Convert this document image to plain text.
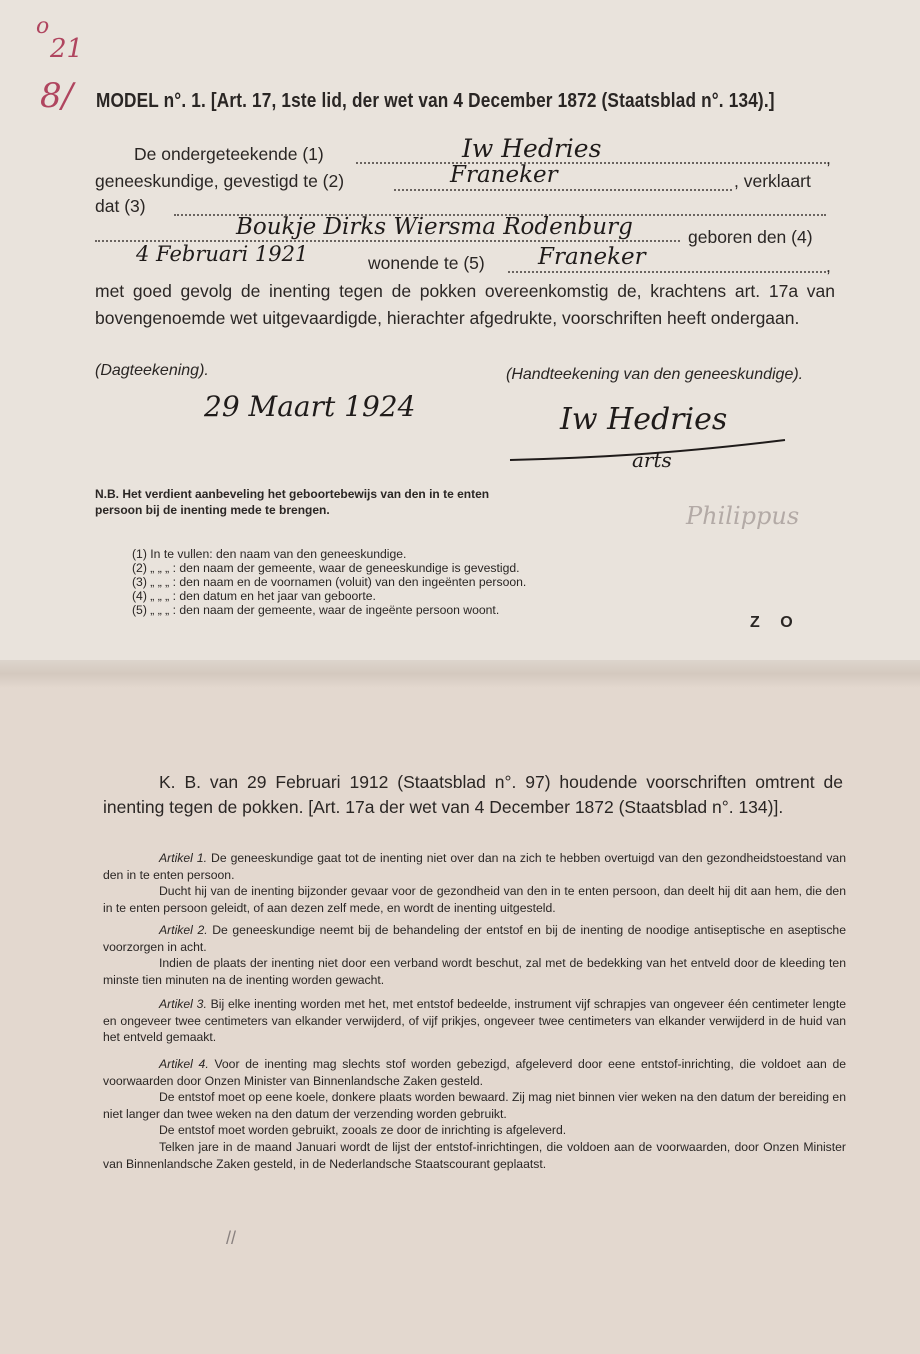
o
21
8/ MODEL n°. 1. [Art. 17, 1ste lid, der wet van 4 December 1872 (Staatsblad n°. 134).]
De ondergeteekende (1)	,
Iw Hedries
geneeskundige, gevestigd te (2)	, verklaart
Franeker
dat (3)
Boukje Dirks Wiersma Rodenburg	geboren den (4)
4 Februari 1921	wonende te (5)	,
Franeker
met goed gevolg de inenting tegen de pokken overeenkomstig de, krachtens art. 17a van bovengenoemde wet uitgevaardigde, hierachter afgedrukte, voorschriften heeft ondergaan.
(Dagteekening).	(Handteekening van den geneeskundige).
29 Maart 1924	Iw Hedries
arts
Philippus
N.B. Het verdient aanbeveling het geboortebewijs van den in te enten persoon bij de inenting mede te brengen.
(1) In te vullen: den naam van den geneeskundige.
(2) „ „ „ : den naam der gemeente, waar de geneeskundige is gevestigd.
(3) „ „ „ : den naam en de voornamen (voluit) van den ingeënten persoon.
(4) „ „ „ : den datum en het jaar van geboorte.
(5) „ „ „ : den naam der gemeente, waar de ingeënte persoon woont.
Z O
K. B. van 29 Februari 1912 (Staatsblad n°. 97) houdende voorschriften omtrent de inenting tegen de pokken. [Art. 17a der wet van 4 December 1872 (Staatsblad n°. 134)].

Artikel 1. De geneeskundige gaat tot de inenting niet over dan na zich te hebben overtuigd van den gezondheidstoestand van den in te enten persoon.

Ducht hij van de inenting bijzonder gevaar voor de gezondheid van den in te enten persoon, dan deelt hij dit aan hem, die den in te enten persoon geleidt, of aan dezen zelf mede, en wordt de inenting uitgesteld.

Artikel 2. De geneeskundige neemt bij de behandeling der entstof en bij de inenting de noodige antiseptische en aseptische voorzorgen in acht.

Indien de plaats der inenting niet door een verband wordt beschut, zal met de bedekking van het entveld door de kleeding ten minste tien minuten na de inenting worden gewacht.

Artikel 3. Bij elke inenting worden met het, met entstof bedeelde, instrument vijf schrapjes van ongeveer één centimeter lengte en ongeveer twee centimeters van elkander verwijderd, of vijf prikjes, ongeveer twee centimeters van elkander verwijderd in de huid van het entveld gemaakt.

Artikel 4. Voor de inenting mag slechts stof worden gebezigd, afgeleverd door eene entstof-inrichting, die voldoet aan de voorwaarden door Onzen Minister van Binnenlandsche Zaken gesteld.

De entstof moet op eene koele, donkere plaats worden bewaard. Zij mag niet binnen vier weken na den datum der bereiding en niet langer dan twee weken na den datum der verzending worden gebruikt.

De entstof moet worden gebruikt, zooals ze door de inrichting is afgeleverd.

Telken jare in de maand Januari wordt de lijst der entstof-inrichtingen, die voldoen aan de voorwaarden, door Onzen Minister van Binnenlandsche Zaken gesteld, in de Nederlandsche Staatscourant geplaatst.

//
